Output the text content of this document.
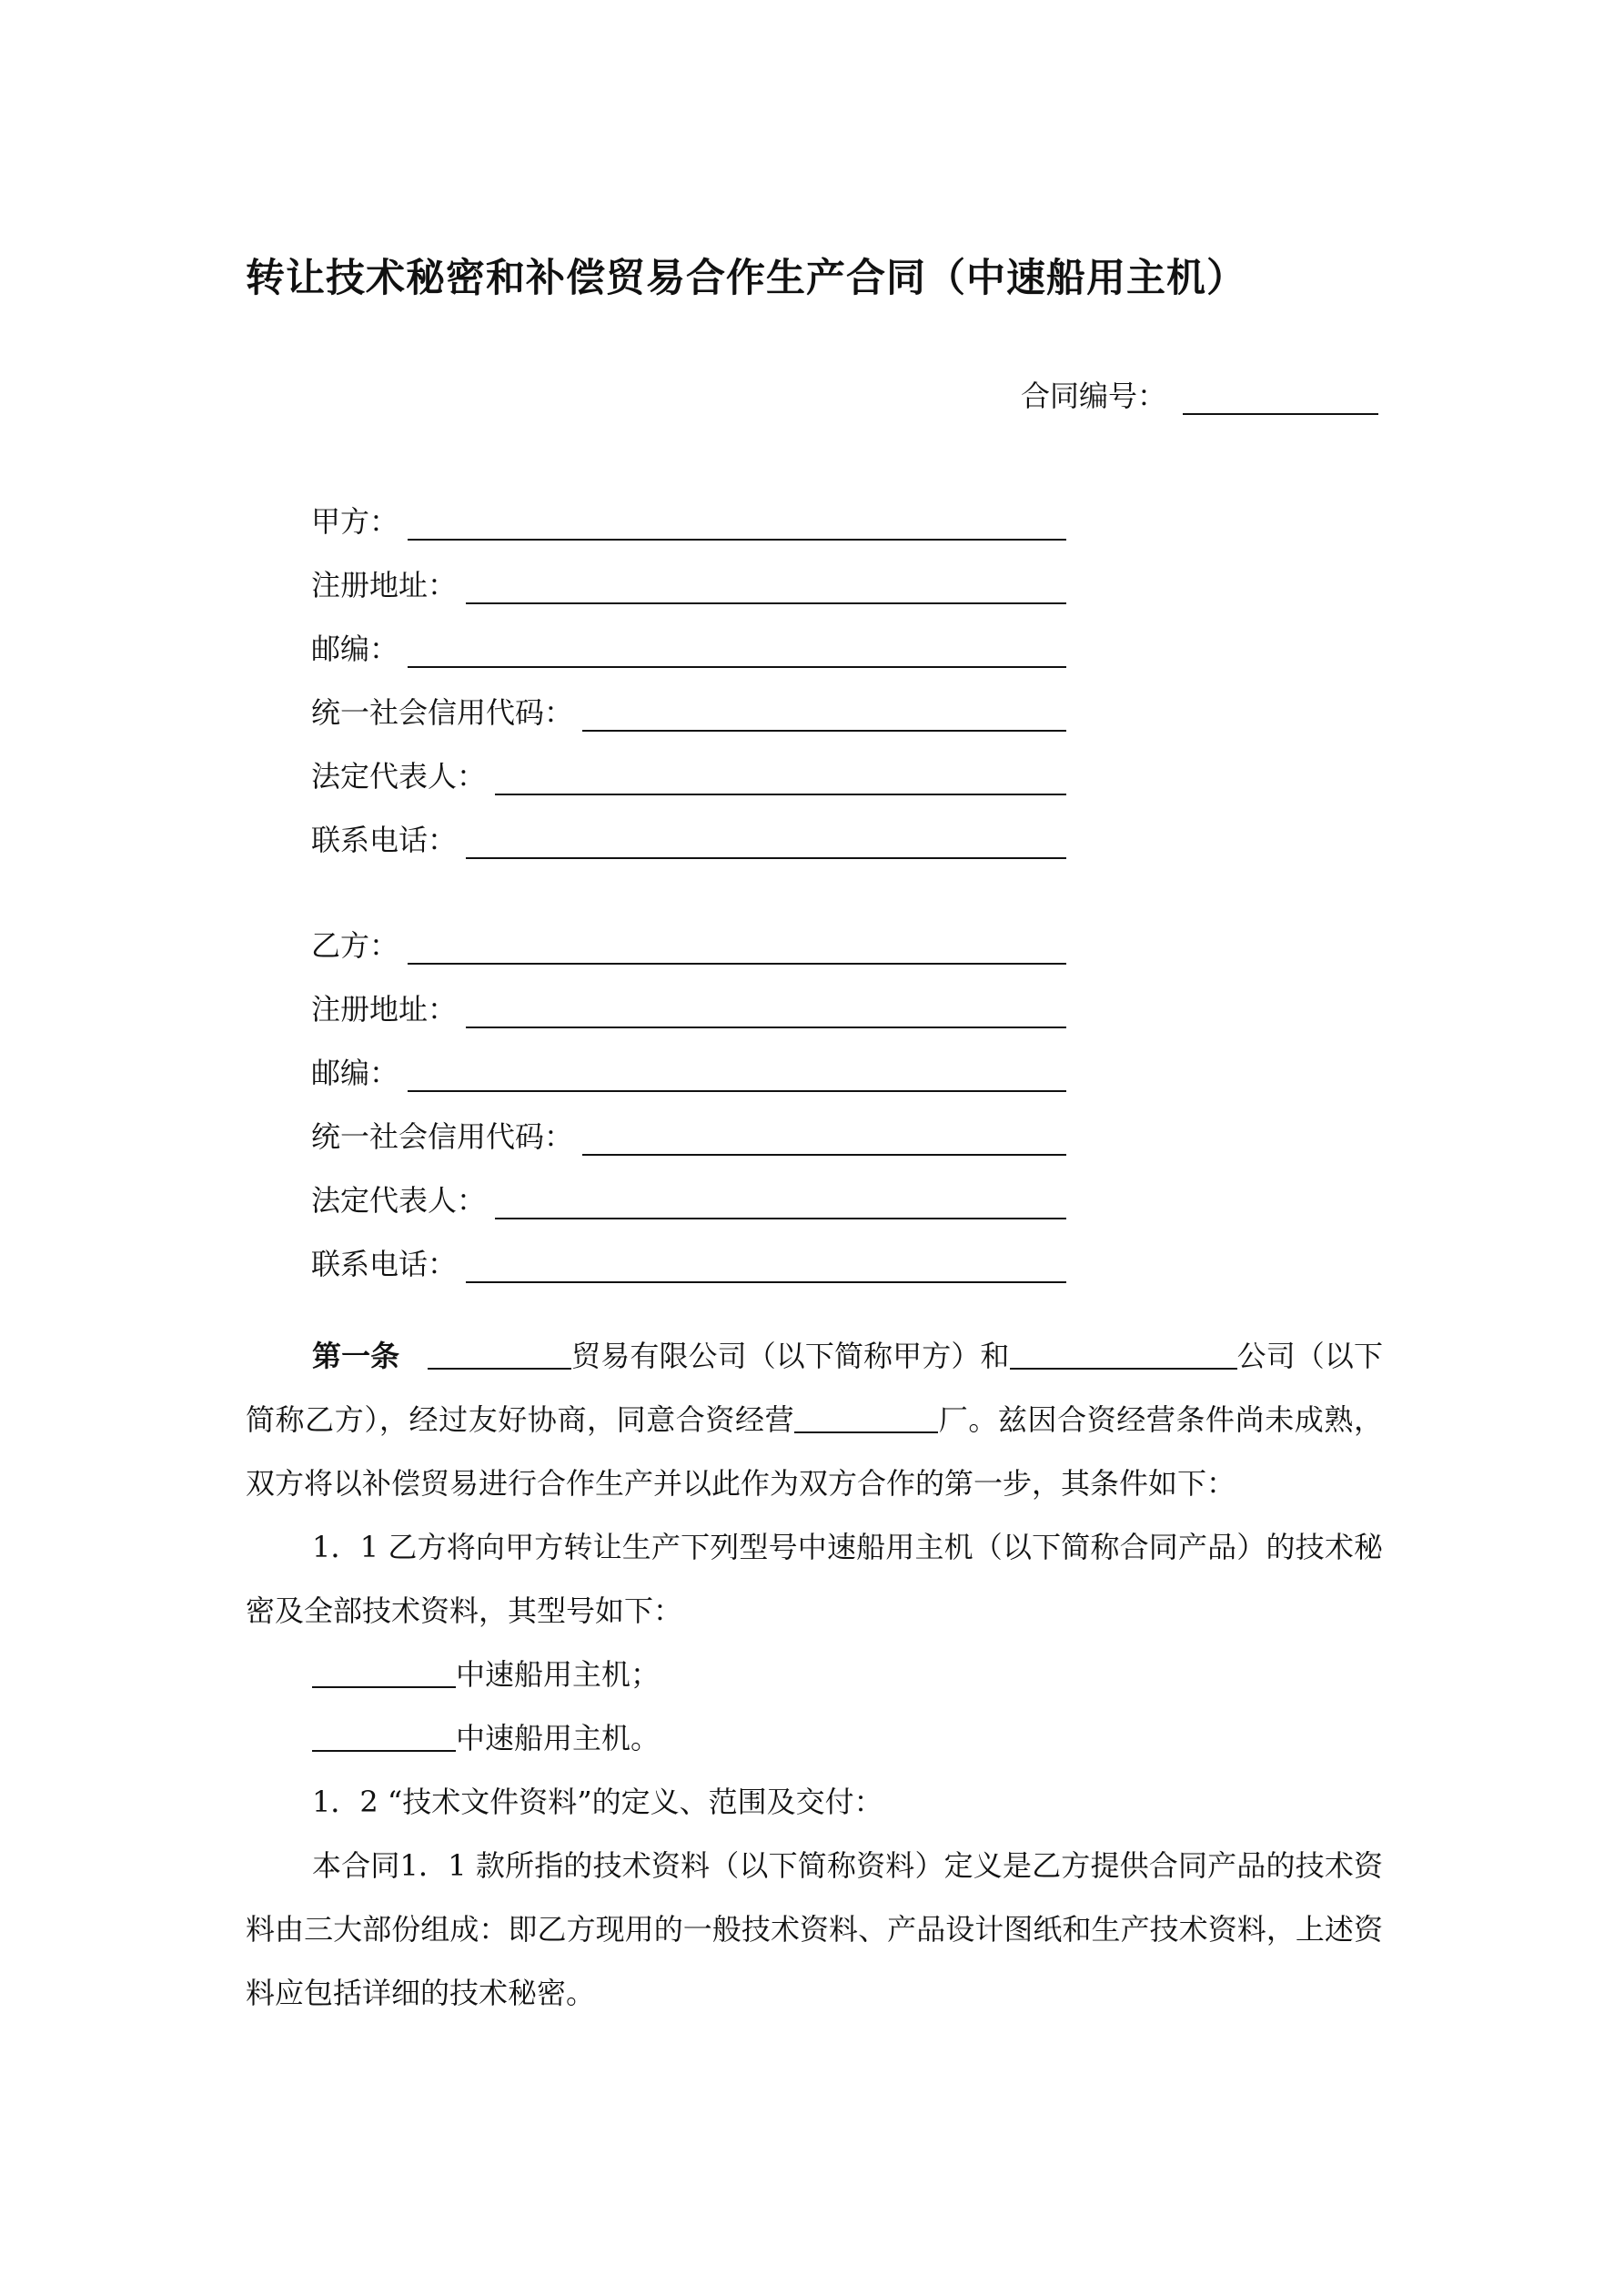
转让技术秘密和补偿贸易合作生产合同（中速船用主机）
合同编号：
甲方：
注册地址：
邮编：
统一社会信用代码：
法定代表人：
联系电话：
乙方：
注册地址：
邮编：
统一社会信用代码：
法定代表人：
联系电话：

第一条	贸易有限公司（以下简称甲方）和	公司（以下简称乙方），经过友好协商，同意合资经营	厂。兹因合资经营条件尚未成熟，双方将以补偿贸易进行合作生产并以此作为双方合作的第一步，其条件如下：

1．1 乙方将向甲方转让生产下列型号中速船用主机（以下简称合同产品）的技术秘密及全部技术资料，其型号如下：

中速船用主机；

中速船用主机。

1．2 “技术文件资料”的定义、范围及交付：

本合同1．1 款所指的技术资料（以下简称资料）定义是乙方提供合同产品的技术资料由三大部份组成：即乙方现用的一般技术资料、产品设计图纸和生产技术资料，上述资料应包括详细的技术秘密。
